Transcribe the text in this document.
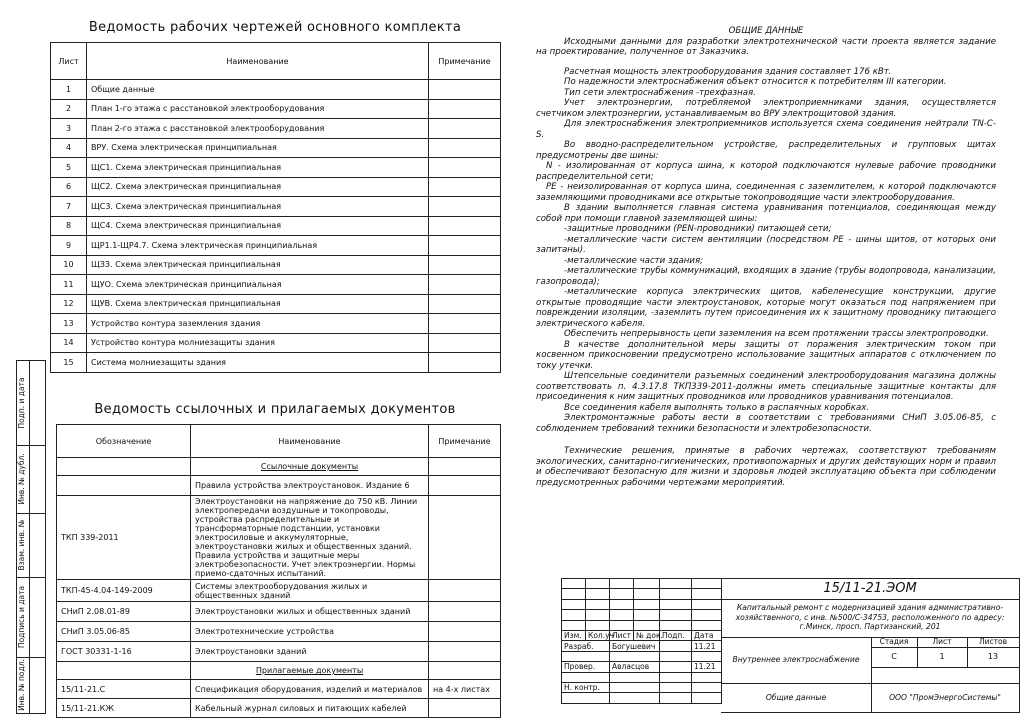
Ведомость рабочих чертежей основного комплекта
Лист	Наименование	Примечание
1	Общие данные	
2	План 1-го этажа с расстановкой электрооборудования	
3	План 2-го этажа с расстановкой электрооборудования	
4	ВРУ. Схема электрическая принципиальная	
5	ЩС1. Схема электрическая принципиальная	
6	ЩС2. Схема электрическая принципиальная	
7	ЩС3. Схема электрическая принципиальная	
8	ЩС4. Схема электрическая принципиальная	
9	ЩР1.1-ЩР4.7. Схема электрическая принципиальная	
10	ЩЗЗ. Схема электрическая принципиальная	
11	ЩУО. Схема электрическая принципиальная	
12	ЩУВ. Схема электрическая принципиальная	
13	Устройство контура заземления здания	
14	Устройство контура молниезащиты здания	
15	Система молниезащиты здания	
Подп. и дата
Инв. № дубл.
Взам. инв. №
Подпись и дата
Инв. № подл.
Ведомость ссылочных и прилагаемых документов
Обозначение	Наименование	Примечание
	Ссылочные документы	
	Правила устройства электроустановок. Издание 6	
ТКП 339-2011	Электроустановки на напряжение до 750 кВ. Линии электропередачи воздушные и токопроводы, устройства распределительные и трансформаторные подстанции, установки электросиловые и аккумуляторные, электроустановки жилых и общественных зданий. Правила устройства и защитные меры электробезопасности. Учет электроэнергии. Нормы приемо-сдаточных испытаний.	
ТКП-45-4.04-149-2009	Системы электрооборудования жилых и общественных зданий	
СНиП 2.08.01-89	Электроустановки жилых и общественных зданий	
СНиП 3.05.06-85	Электротехнические устройства	
ГОСТ 30331-1-16	Электроустановки зданий	
	Прилагаемые документы	
15/11-21.С	Спецификация оборудования, изделий и материалов	на 4-х листах
15/11-21.КЖ	Кабельный журнал силовых и питающих кабелей	

ОБЩИЕ ДАННЫЕ

Исходными данными для разработки электротехнической части проекта является задание на проектирование, полученное от Заказчика.

Расчетная мощность электрооборудования здания составляет 176 кВт.

По надежности электроснабжения объект относится к потребителям III категории.

Тип сети электроснабжения -трехфазная.

Учет электроэнергии, потребляемой электроприемниками здания, осуществляется счетчиком электроэнергии, устанавливаемым во ВРУ электрощитовой здания.

Для электроснабжения электроприемников используется схема соединения нейтрали TN-C-S.

Во вводно-распределительном устройстве, распределительных и групповых щитах предусмотрены две шины:

N - изолированная от корпуса шина, к которой подключаются нулевые рабочие проводники распределительной сети;

PE - неизолированная от корпуса шина, соединенная с заземлителем, к которой подключаются заземляющими проводниками все открытые токопроводящие части электрооборудования.

В здании выполняется главная система уравнивания потенциалов, соединяющая между собой при помощи главной заземляющей шины:

-защитные проводники (PEN-проводники) питающей сети;

-металлические части систем вентиляции (посредством PE - шины щитов, от которых они запитаны).

-металлические части здания;

-металлические трубы коммуникаций, входящих в здание (трубы водопровода, канализации, газопровода);

-металлические корпуса электрических щитов, кабеленесущие конструкции, другие открытые проводящие части электроустановок, которые могут оказаться под напряжением при повреждении изоляции, -заземлить путем присоединения их к защитному проводнику питающего электрического кабеля.

Обеспечить непрерывность цепи заземления на всем протяжении трассы электропроводки.

В качестве дополнительной меры защиты от поражения электрическим током при косвенном прикосновении предусмотрено использование защитных аппаратов с отключением по току утечки.

Штепсельные соединители разъемных соединений электрооборудования магазина должны соответствовать п. 4.3.17.8 ТКП339-2011-должны иметь специальные защитные контакты для присоединения к ним защитных проводников или проводников уравнивания потенциалов.

Все соединения кабеля выполнять только в распаячных коробках.

Электромонтажные работы вести в соответствии с требованиями СНиП 3.05.06-85, с соблюдением требований техники безопасности и электробезопасности.

Технические решения, принятые в рабочих чертежах, соответствуют требованиям экологических, санитарно-гигиенических, противопожарных и других действующих норм и правил и обеспечивают безопасную для жизни и здоровья людей эксплуатацию объекта при соблюдении предусмотренных рабочими чертежами мероприятий.

Изм.	Кол.уч	Лист	№ док.	Подп.	Дата
Разраб.		Богушевич			11.21

Провер.		Авласцов			11.21

Н. контр.					

15/11-21.ЭОМ
Капитальный ремонт с модернизацией здания административно-хозяйственного, с инв. №500/С-34753, расположенного по адресу: г.Минск, просп. Партизанский, 201
Внутреннее электроснабжение
Стадия	Лист	Листов
С	1	13
Общие данные	ООО "ПромЭнергоСистемы"
